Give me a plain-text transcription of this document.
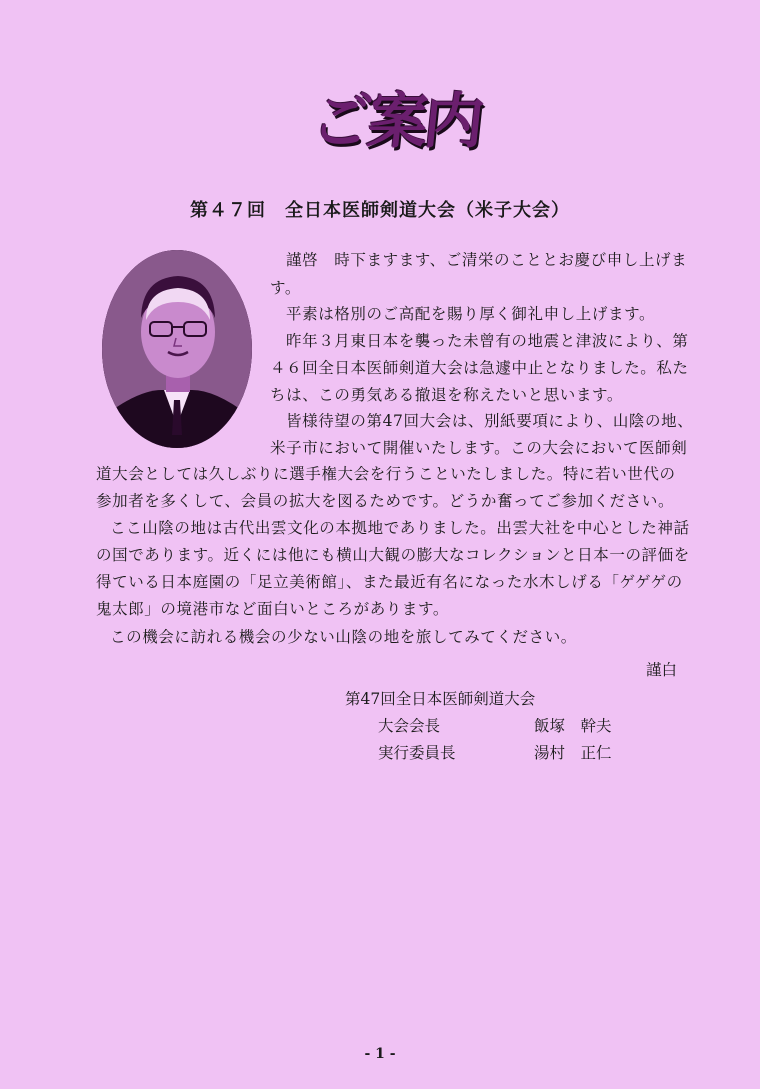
ご案内
第４７回　全日本医師剣道大会（米子大会）
謹啓　時下ますます、ご清栄のこととお慶び申し上げま
す。
平素は格別のご高配を賜り厚く御礼申し上げます。
昨年３月東日本を襲った未曾有の地震と津波により、第
４６回全日本医師剣道大会は急遽中止となりました。私た
ちは、この勇気ある撤退を称えたいと思います。
皆様待望の第47回大会は、別紙要項により、山陰の地、
米子市において開催いたします。この大会において医師剣
道大会としては久しぶりに選手権大会を行うこといたしました。特に若い世代の
参加者を多くして、会員の拡大を図るためです。どうか奮ってご参加ください。
ここ山陰の地は古代出雲文化の本拠地でありました。出雲大社を中心とした神話
の国であります。近くには他にも横山大観の膨大なコレクションと日本一の評価を
得ている日本庭園の「足立美術館」、また最近有名になった水木しげる「ゲゲゲの
鬼太郎」の境港市など面白いところがあります。
この機会に訪れる機会の少ない山陰の地を旅してみてください。
謹白
第47回全日本医師剣道大会
大会会長	飯塚　幹夫
実行委員長	湯村　正仁
- 1 -
